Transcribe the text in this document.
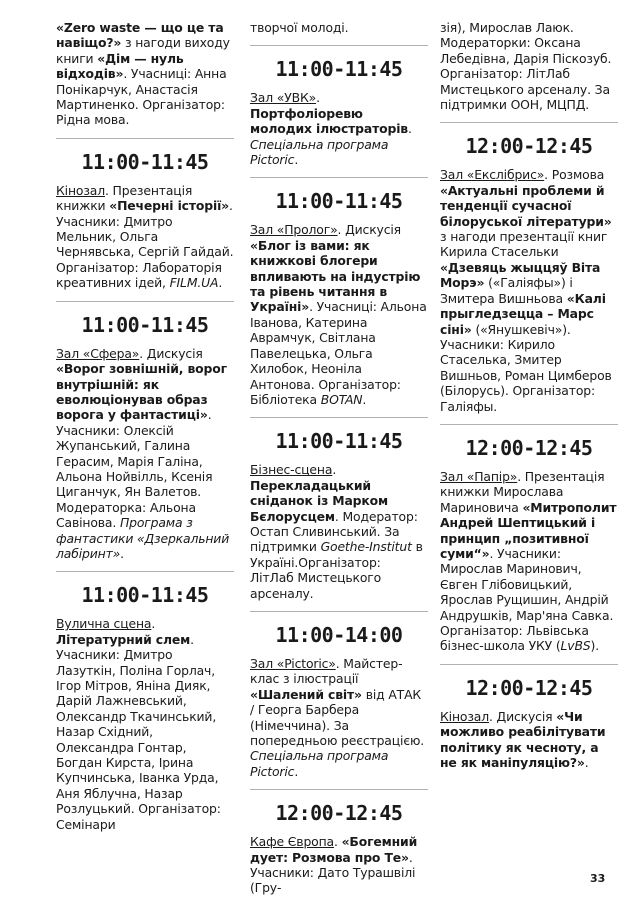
«Zero waste — що це та навіщо?» з нагоди виходу книги «Дім — нуль відходів». Учасниці: Анна Понікарчук, Анастасія Мартиненко. Організатор: Рідна мова.

11:00-11:45

Кінозал. Презентація книжки «Печерні історії». Учасники: Дмитро Мельник, Ольга Чернявська, Сергій Гайдай. Організатор: Лабораторія креативних ідей, FILM.UA.

11:00-11:45

Зал «Сфера». Дискусія «Ворог зовнішній, ворог внутрішній: як еволюціонував образ ворога у фантастиці». Учасники: Олексій Жупанський, Галина Герасим, Марія Галіна, Альона Нойвілль, Ксенія Циганчук, Ян Валетов. Модераторка: Альона Савінова. Програма з фантастики «Дзеркальний лабіринт».

11:00-11:45

Вулична сцена. Літературний слем. Учасники: Дмитро Лазуткін, Поліна Горлач, Ігор Мітров, Яніна Дияк, Дарій Лажневський, Олександр Ткачинський, Назар Східний, Олександра Гонтар, Богдан Кирста, Ірина Купчинська, Іванка Урда, Аня Яблучна, Назар Розлуцький. Організатор: Семінари

творчої молоді.

11:00-11:45

Зал «УВК». Портфоліоревю молодих ілюстраторів. Спеціальна програма Pictoric.

11:00-11:45

Зал «Пролог». Дискусія «Блог із вами: як книжкові блогери впливають на індустрію та рівень читання в Україні». Учасниці: Альона Іванова, Катерина Аврамчук, Світлана Павелецька, Ольга Хилобок, Неоніла Антонова. Організатор: Бібліотека BOTAN.

11:00-11:45

Бізнес-сцена. Перекладацький сніданок із Марком Бєлорусцем. Модератор: Остап Сливинський. За підтримки Goethe-Institut в Україні.Організатор: ЛітЛаб Мистецького арсеналу.

11:00-14:00

Зал «Pictoric». Майстер-клас з ілюстрації «Шалений світ» від АТАК / Георга Барбера (Німеччина). За попередньою реєстрацією. Спеціальна програма Pictoric.

12:00-12:45

Кафе Європа. «Богемний дует: Розмова про Те». Учасники: Дато Турашвілі (Гру-

зія), Мирослав Лаюк. Модераторки: Оксана Лебедівна, Дарія Піскозуб. Організатор: ЛітЛаб Мистецького арсеналу. За підтримки ООН, МЦПД.

12:00-12:45

Зал «Екслібрис». Розмова «Актуальні проблеми й тенденції сучасної білоруської літератури» з нагоди презентації книг Кирила Стасельки «Дзевяць жыццяў Віта Морэ» («Галіяфы») і Змитера Вишньова «Калі прыгледзецца – Марс сіні» («Янушкевіч»). Учасники: Кирило Стаселька, Змитер Вишньов, Роман Цимберов (Білорусь). Організатор: Галіяфы.

12:00-12:45

Зал «Папір». Презентація книжки Мирослава Мариновича «Митрополит Андрей Шептицький і принцип „позитивної суми“». Учасники: Мирослав Маринович, Євген Глібовицький, Ярослав Рущишин, Андрій Андрушків, Мар'яна Савка. Організатор: Львівська бізнес-школа УКУ (LvBS).

12:00-12:45

Кінозал. Дискусія «Чи можливо реабілітувати політику як чесноту, а не як маніпуляцію?».

33
